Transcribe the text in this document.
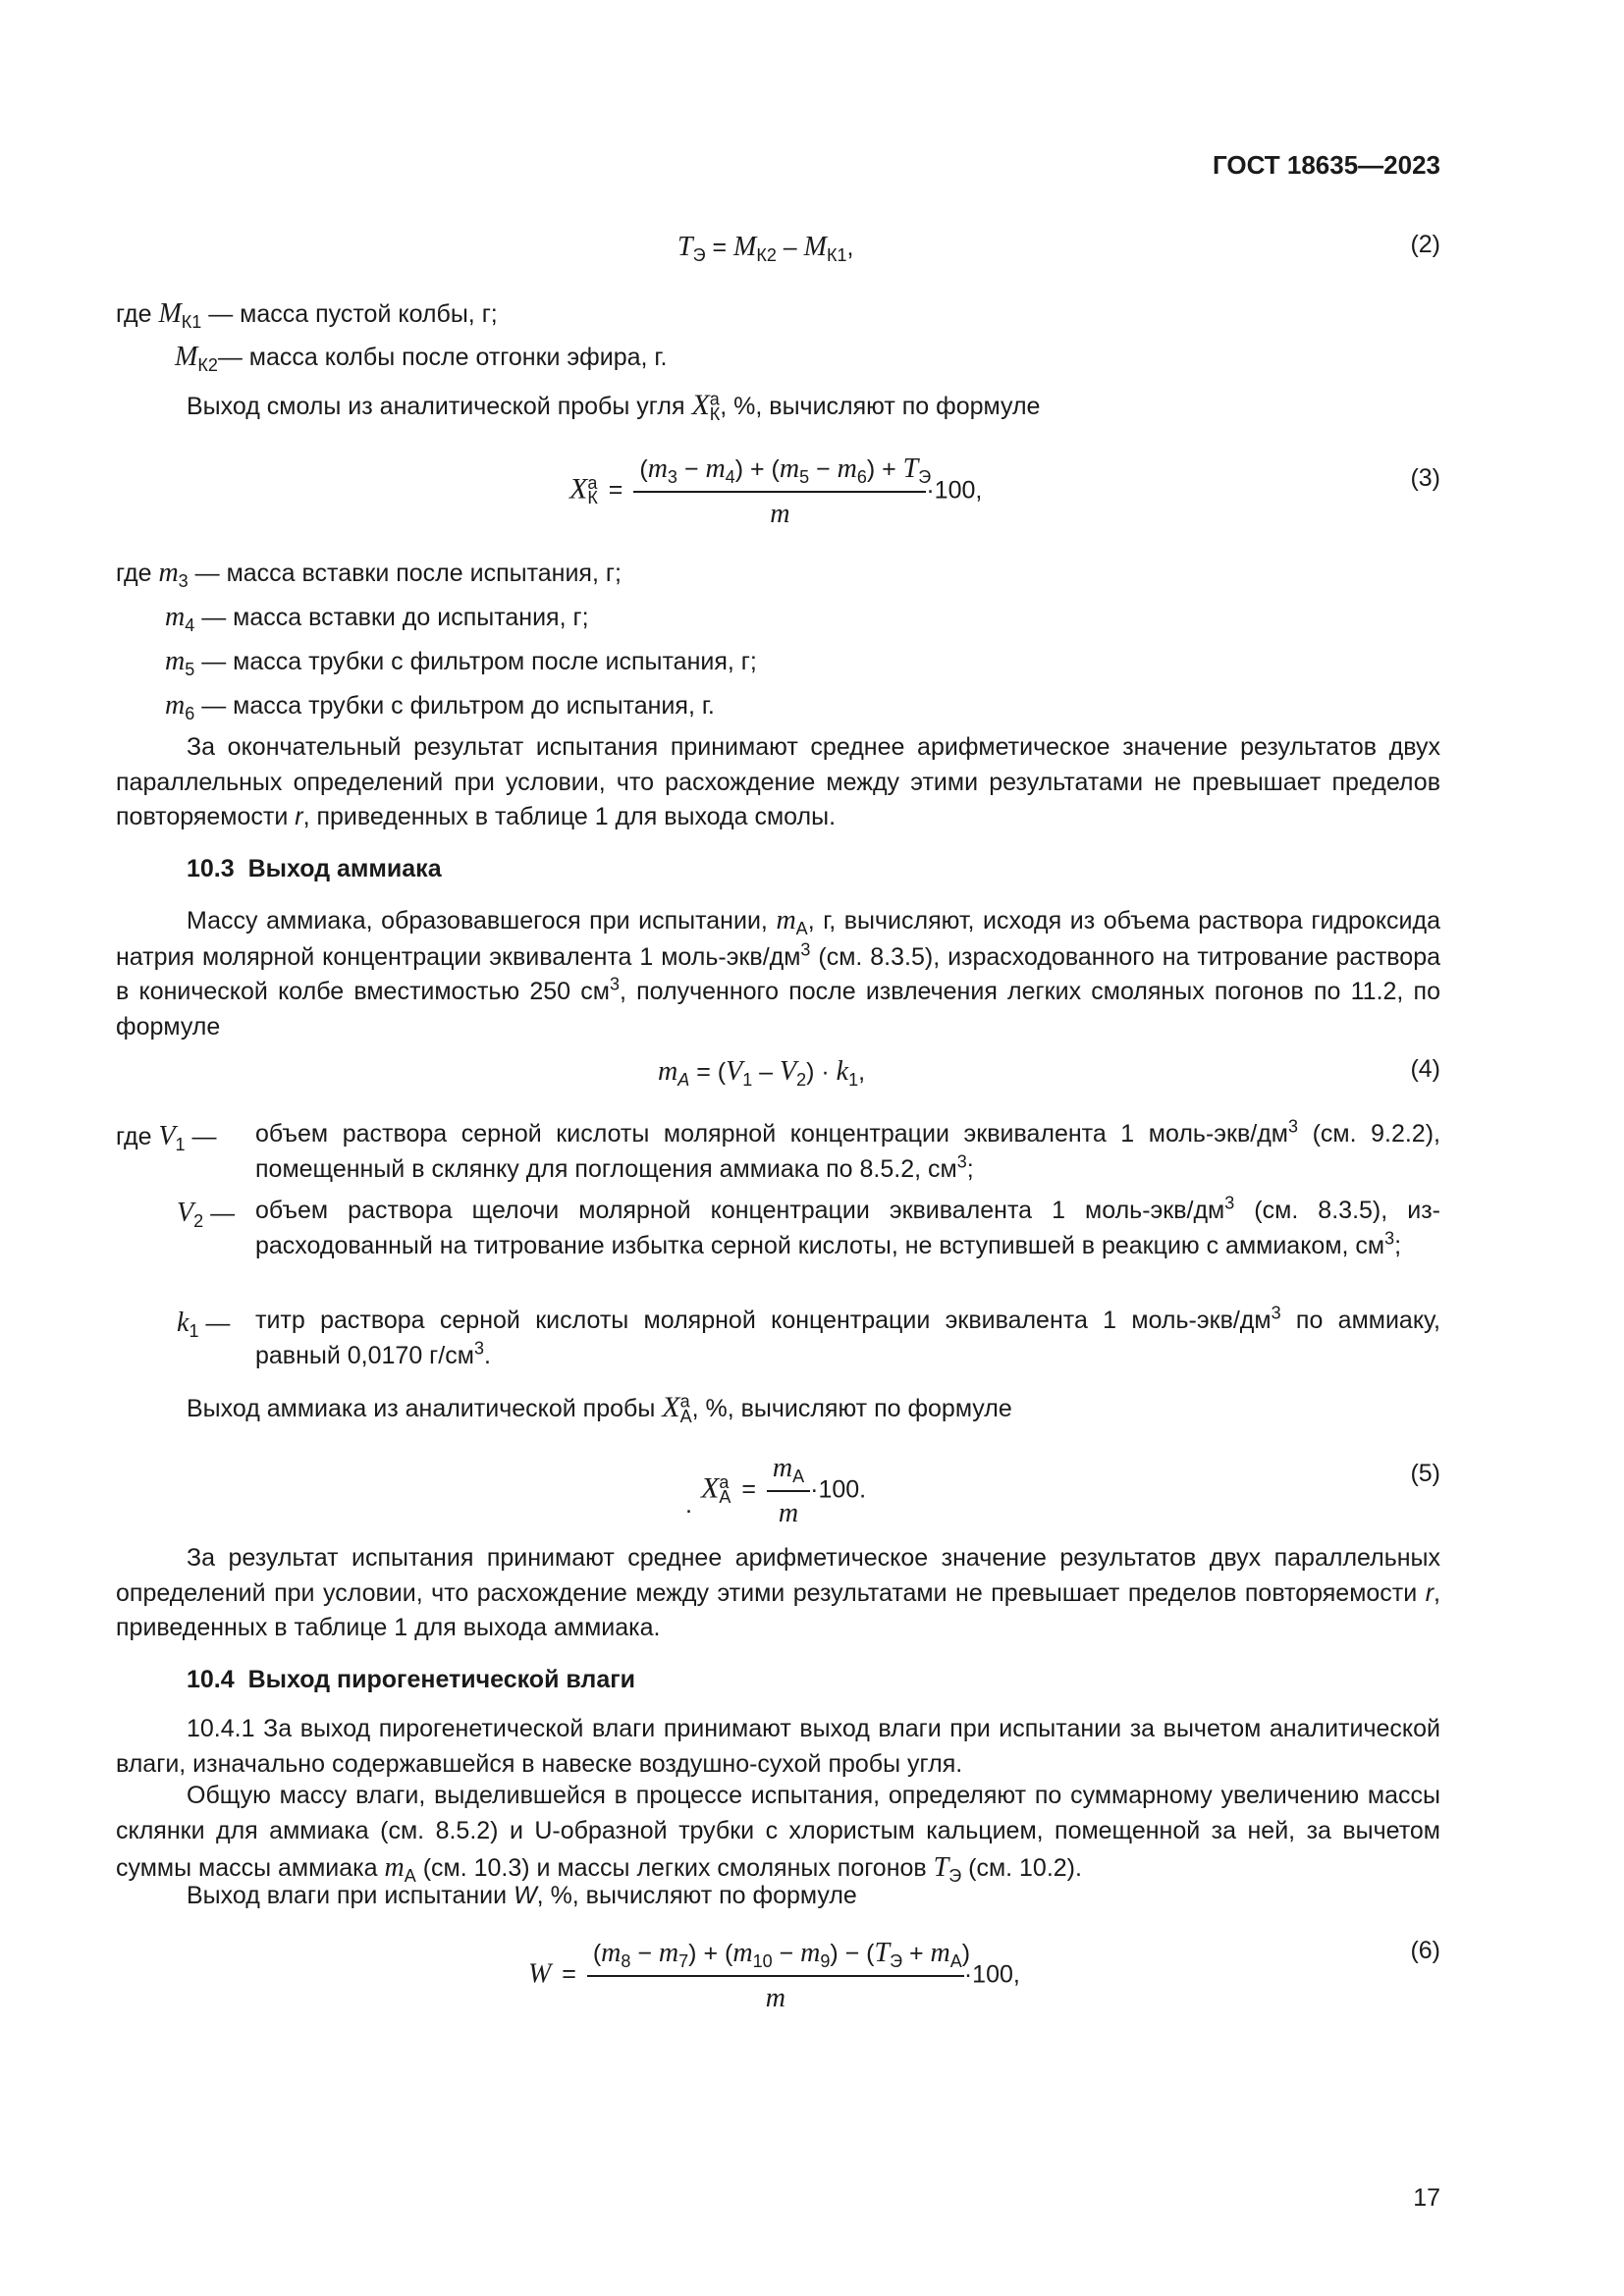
ГОСТ 18635—2023
$T_Э = M_{К2} - M_{К1}$,	(2)
где $M_{К1}$ — масса пустой колбы, г;
$M_{К2}—$ масса колбы после отгонки эфира, г.
Выход смолы из аналитической пробы угля $X^a_К$, %, вычисляют по формуле
$X^a_К = \frac{(m_3 - m_4) + (m_5 - m_6) + T_Э}{m} \cdot 100$,	(3)
где $m_3$ — масса вставки после испытания, г;
$m_4$ — масса вставки до испытания, г;
$m_5$ — масса трубки с фильтром после испытания, г;
$m_6$ — масса трубки с фильтром до испытания, г.
За окончательный результат испытания принимают среднее арифметическое значение результатов двух параллельных определений при условии, что расхождение между этими результатами не превышает пределов повторяемости r, приведенных в таблице 1 для выхода смолы.
10.3 Выход аммиака
Массу аммиака, образовавшегося при испытании, $m_A$, г, вычисляют, исходя из объема раствора гидроксида натрия молярной концентрации эквивалента 1 моль-$экв/дм^3$ (см. 8.3.5), израсходованного на титрование раствора в конической колбе вместимостью 250 $см^3$, полученного после извлечения легких смоляных погонов по 11.2, по формуле
$m_A = (V_1 - V_2) \cdot k_1$,	(4)
где $V_1$ — объем раствора серной кислоты молярной концентрации эквивалента 1 моль-$экв/дм^3$ (см. 9.2.2), помещенный в склянку для поглощения аммиака по 8.5.2, $см^3$;
$V_2$ — объем раствора щелочи молярной концентрации эквивалента 1 моль-$экв/дм^3$ (см. 8.3.5), израсходованный на титрование избытка серной кислоты, не вступившей в реакцию с аммиаком, $см^3$;
$k_1$ — титр раствора серной кислоты молярной концентрации эквивалента 1 моль-$экв/дм^3$ по аммиаку, равный 0,0170 $г/см^3$.
Выход аммиака из аналитической пробы $X^a_A$, %, вычисляют по формуле
$X^a_A = \frac{m_A}{m} \cdot 100$.
.
(5)
За результат испытания принимают среднее арифметическое значение результатов двух параллельных определений при условии, что расхождение между этими результатами не превышает пределов повторяемости r, приведенных в таблице 1 для выхода аммиака.
10.4 Выход пирогенетической влаги
10.4.1 За выход пирогенетической влаги принимают выход влаги при испытании за вычетом аналитической влаги, изначально содержавшейся в навеске воздушно-сухой пробы угля.
Общую массу влаги, выделившейся в процессе испытания, определяют по суммарному увеличению массы склянки для аммиака (см. 8.5.2) и U-образной трубки с хлористым кальцием, помещенной за ней, за вычетом суммы массы аммиака $m_A$ (см. 10.3) и массы легких смоляных погонов $T_Э$ (см. 10.2).
Выход влаги при испытании W, %, вычисляют по формуле
$W = \frac{(m_8 - m_7) + (m_{10} - m_9) - (T_Э + m_A)}{m} \cdot 100$,
(6)
17
